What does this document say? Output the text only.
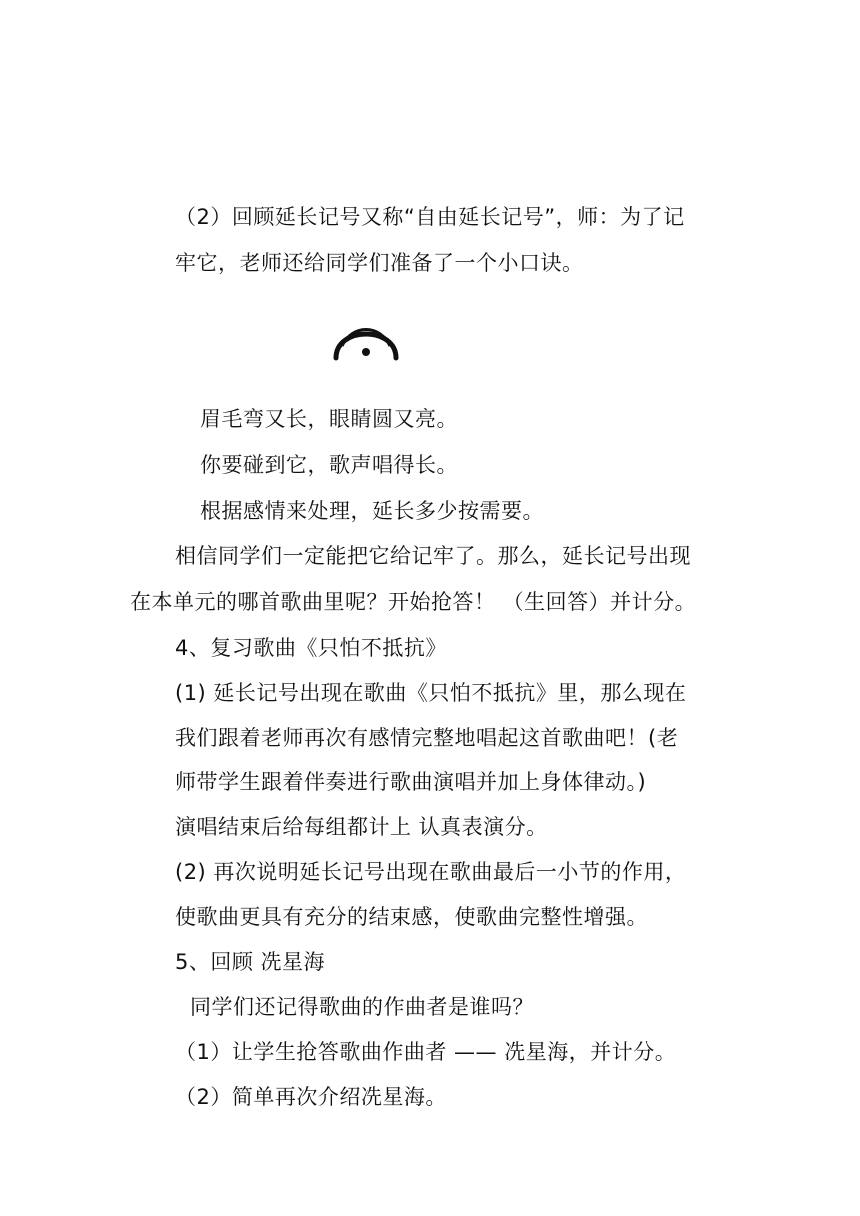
（2）回顾延长记号又称“自由延长记号”，师：为了记
牢它，老师还给同学们准备了一个小口诀。
眉毛弯又长，眼睛圆又亮。
你要碰到它，歌声唱得长。
根据感情来处理，延长多少按需要。
相信同学们一定能把它给记牢了。那么，延长记号出现
在本单元的哪首歌曲里呢？开始抢答！ （生回答）并计分。
4、复习歌曲《只怕不抵抗》
(1) 延长记号出现在歌曲《只怕不抵抗》里，那么现在
我们跟着老师再次有感情完整地唱起这首歌曲吧！(老
师带学生跟着伴奏进行歌曲演唱并加上身体律动。)
演唱结束后给每组都计上 认真表演分。
(2) 再次说明延长记号出现在歌曲最后一小节的作用，
使歌曲更具有充分的结束感，使歌曲完整性增强。
5、回顾 冼星海
同学们还记得歌曲的作曲者是谁吗？
（1）让学生抢答歌曲作曲者 —— 冼星海，并计分。
（2）简单再次介绍冼星海。
